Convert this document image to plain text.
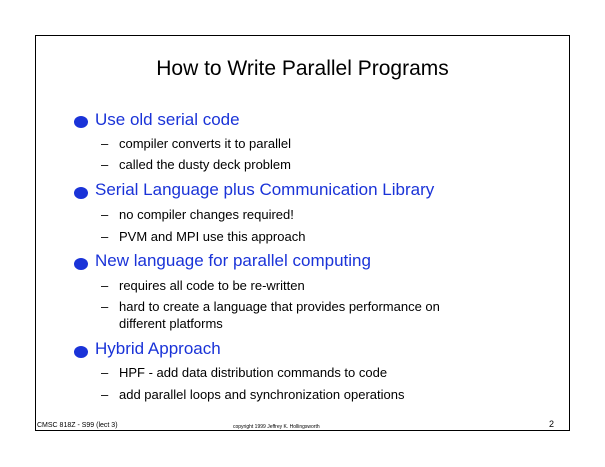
How to Write Parallel Programs
Use old serial code
– compiler converts it to parallel
– called the dusty deck problem
Serial Language plus Communication Library
– no compiler changes required!
– PVM and MPI use this approach
New language for parallel computing
– requires all code to be re-written
– hard to create a language that provides performance on
different platforms
Hybrid Approach
– HPF - add data distribution commands to code
– add parallel loops and synchronization operations
CMSC 818Z - S99 (lect 3)	copyright 1999 Jeffrey K. Hollingsworth	2
